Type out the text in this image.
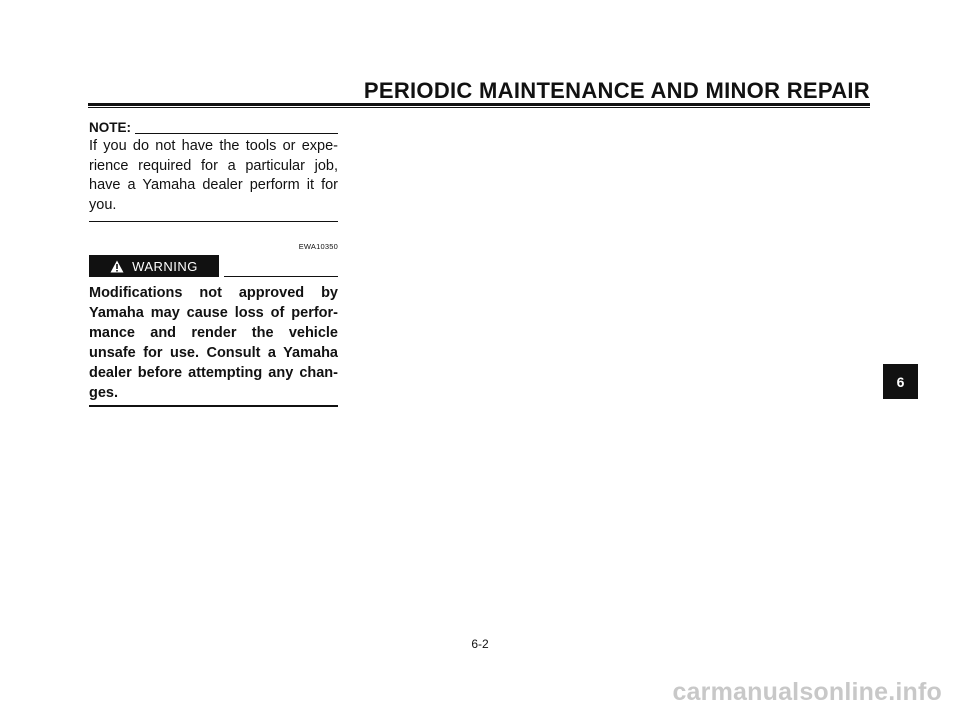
PERIODIC MAINTENANCE AND MINOR REPAIR
NOTE:
If you do not have the tools or expe-
rience required for a particular job,
have a Yamaha dealer perform it for
you.
EWA10350
WARNING
Modifications not approved by
Yamaha may cause loss of perfor-
mance and render the vehicle
unsafe for use. Consult a Yamaha
dealer before attempting any chan-
ges.
6
6-2
carmanualsonline.info
